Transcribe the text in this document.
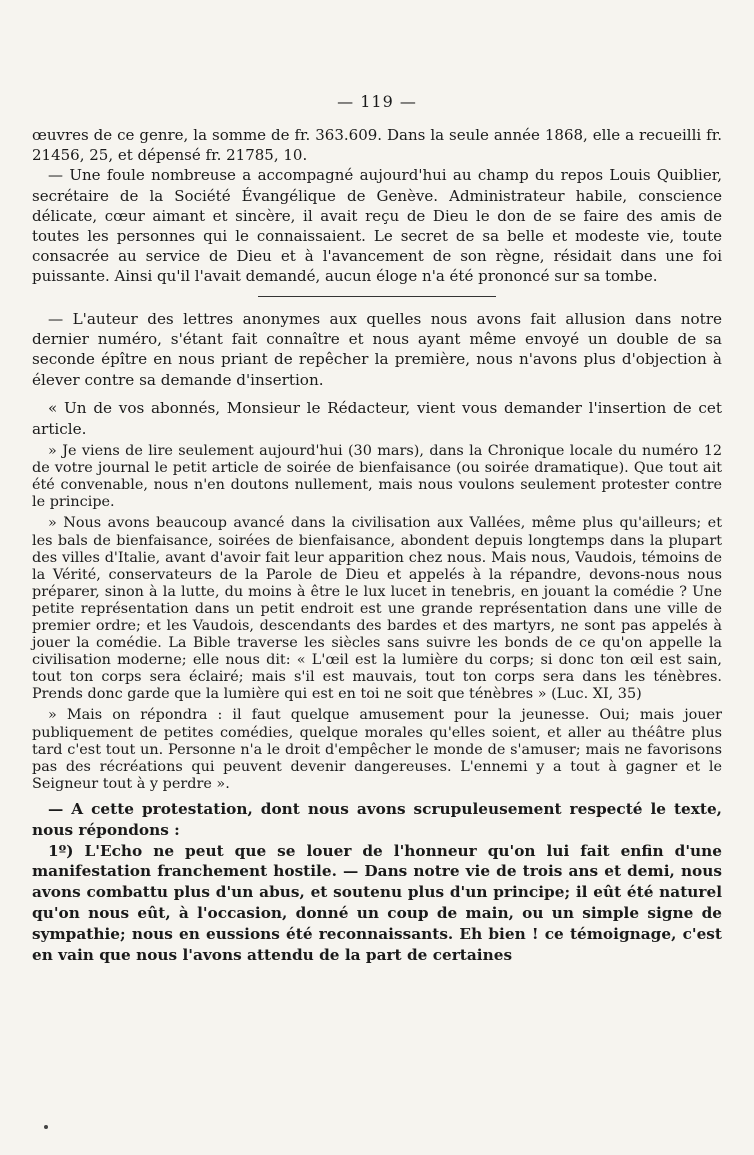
— 119 —

œuvres de ce genre, la somme de fr. 363.609. Dans la seule année 1868, elle a recueilli fr. 21456, 25, et dépensé fr. 21785, 10.

— Une foule nombreuse a accompagné aujourd'hui au champ du repos Louis Quiblier, secrétaire de la Société Évangélique de Genève. Administrateur habile, conscience délicate, cœur aimant et sincère, il avait reçu de Dieu le don de se faire des amis de toutes les personnes qui le connaissaient. Le secret de sa belle et modeste vie, toute consacrée au service de Dieu et à l'avancement de son règne, résidait dans une foi puissante. Ainsi qu'il l'avait demandé, aucun éloge n'a été prononcé sur sa tombe.

— L'auteur des lettres anonymes aux quelles nous avons fait allusion dans notre dernier numéro, s'étant fait connaître et nous ayant même envoyé un double de sa seconde épître en nous priant de repêcher la première, nous n'avons plus d'objection à élever contre sa demande d'insertion.

« Un de vos abonnés, Monsieur le Rédacteur, vient vous demander l'insertion de cet article.

» Je viens de lire seulement aujourd'hui (30 mars), dans la Chronique locale du numéro 12 de votre journal le petit article de soirée de bienfaisance (ou soirée dramatique). Que tout ait été convenable, nous n'en doutons nullement, mais nous voulons seulement protester contre le principe.

» Nous avons beaucoup avancé dans la civilisation aux Vallées, même plus qu'ailleurs; et les bals de bienfaisance, soirées de bienfaisance, abondent depuis longtemps dans la plupart des villes d'Italie, avant d'avoir fait leur apparition chez nous. Mais nous, Vaudois, témoins de la Vérité, conservateurs de la Parole de Dieu et appelés à la répandre, devons-nous nous préparer, sinon à la lutte, du moins à être le lux lucet in tenebris, en jouant la comédie ? Une petite représentation dans un petit endroit est une grande représentation dans une ville de premier ordre; et les Vaudois, descendants des bardes et des martyrs, ne sont pas appelés à jouer la comédie. La Bible traverse les siècles sans suivre les bonds de ce qu'on appelle la civilisation moderne; elle nous dit: « L'œil est la lumière du corps; si donc ton œil est sain, tout ton corps sera éclairé; mais s'il est mauvais, tout ton corps sera dans les ténèbres. Prends donc garde que la lumière qui est en toi ne soit que ténèbres » (Luc. XI, 35)

» Mais on répondra : il faut quelque amusement pour la jeunesse. Oui; mais jouer publiquement de petites comédies, quelque morales qu'elles soient, et aller au théâtre plus tard c'est tout un. Personne n'a le droit d'empêcher le monde de s'amuser; mais ne favorisons pas des récréations qui peuvent devenir dangereuses. L'ennemi y a tout à gagner et le Seigneur tout à y perdre ».

— A cette protestation, dont nous avons scrupuleusement respecté le texte, nous répondons :

1º) L'Echo ne peut que se louer de l'honneur qu'on lui fait enfin d'une manifestation franchement hostile. — Dans notre vie de trois ans et demi, nous avons combattu plus d'un abus, et soutenu plus d'un principe; il eût été naturel qu'on nous eût, à l'occasion, donné un coup de main, ou un simple signe de sympathie; nous en eussions été reconnaissants. Eh bien ! ce témoignage, c'est en vain que nous l'avons attendu de la part de certaines
